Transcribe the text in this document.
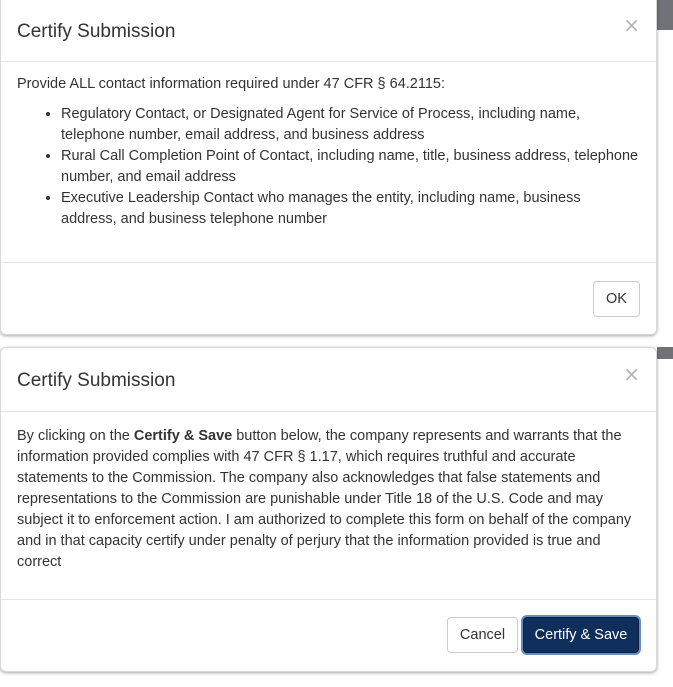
Certify Submission	×

Provide ALL contact information required under 47 CFR § 64.2115:

• Regulatory Contact, or Designated Agent for Service of Process, including name, telephone number, email address, and business address
• Rural Call Completion Point of Contact, including name, title, business address, telephone number, and email address
• Executive Leadership Contact who manages the entity, including name, business address, and business telephone number
OK
Certify Submission	×

By clicking on the Certify & Save button below, the company represents and warrants that the information provided complies with 47 CFR § 1.17, which requires truthful and accurate statements to the Commission. The company also acknowledges that false statements and representations to the Commission are punishable under Title 18 of the U.S. Code and may subject it to enforcement action. I am authorized to complete this form on behalf of the company and in that capacity certify under penalty of perjury that the information provided is true and correct

Cancel	Certify & Save
